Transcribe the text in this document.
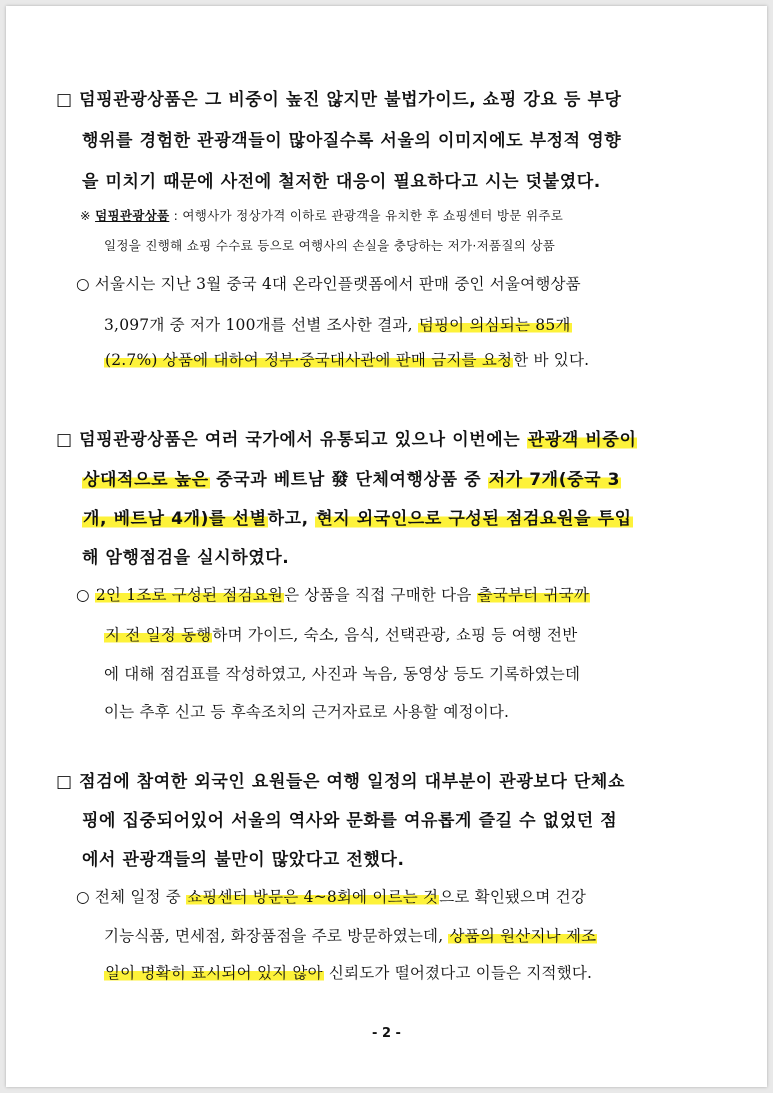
□ 덤핑관광상품은 그 비중이 높진 않지만 불법가이드, 쇼핑 강요 등 부당
행위를 경험한 관광객들이 많아질수록 서울의 이미지에도 부정적 영향
을 미치기 때문에 사전에 철저한 대응이 필요하다고 시는 덧붙였다.
※ 덤핑관광상품 : 여행사가 정상가격 이하로 관광객을 유치한 후 쇼핑센터 방문 위주로
일정을 진행해 쇼핑 수수료 등으로 여행사의 손실을 충당하는 저가·저품질의 상품
○ 서울시는 지난 3월 중국 4대 온라인플랫폼에서 판매 중인 서울여행상품
3,097개 중 저가 100개를 선별 조사한 결과, 덤핑이 의심되는 85개
(2.7%) 상품에 대하여 정부·중국대사관에 판매 금지를 요청한 바 있다.
□ 덤핑관광상품은 여러 국가에서 유통되고 있으나 이번에는 관광객 비중이
상대적으로 높은 중국과 베트남 發 단체여행상품 중 저가 7개(중국 3
개, 베트남 4개)를 선별하고, 현지 외국인으로 구성된 점검요원을 투입
해 암행점검을 실시하였다.
○ 2인 1조로 구성된 점검요원은 상품을 직접 구매한 다음 출국부터 귀국까
지 전 일정 동행하며 가이드, 숙소, 음식, 선택관광, 쇼핑 등 여행 전반
에 대해 점검표를 작성하였고, 사진과 녹음, 동영상 등도 기록하였는데
이는 추후 신고 등 후속조치의 근거자료로 사용할 예정이다.
□ 점검에 참여한 외국인 요원들은 여행 일정의 대부분이 관광보다 단체쇼
핑에 집중되어있어 서울의 역사와 문화를 여유롭게 즐길 수 없었던 점
에서 관광객들의 불만이 많았다고 전했다.
○ 전체 일정 중 쇼핑센터 방문은 4~8회에 이르는 것으로 확인됐으며 건강
기능식품, 면세점, 화장품점을 주로 방문하였는데, 상품의 원산지나 제조
일이 명확히 표시되어 있지 않아 신뢰도가 떨어졌다고 이들은 지적했다.
- 2 -
